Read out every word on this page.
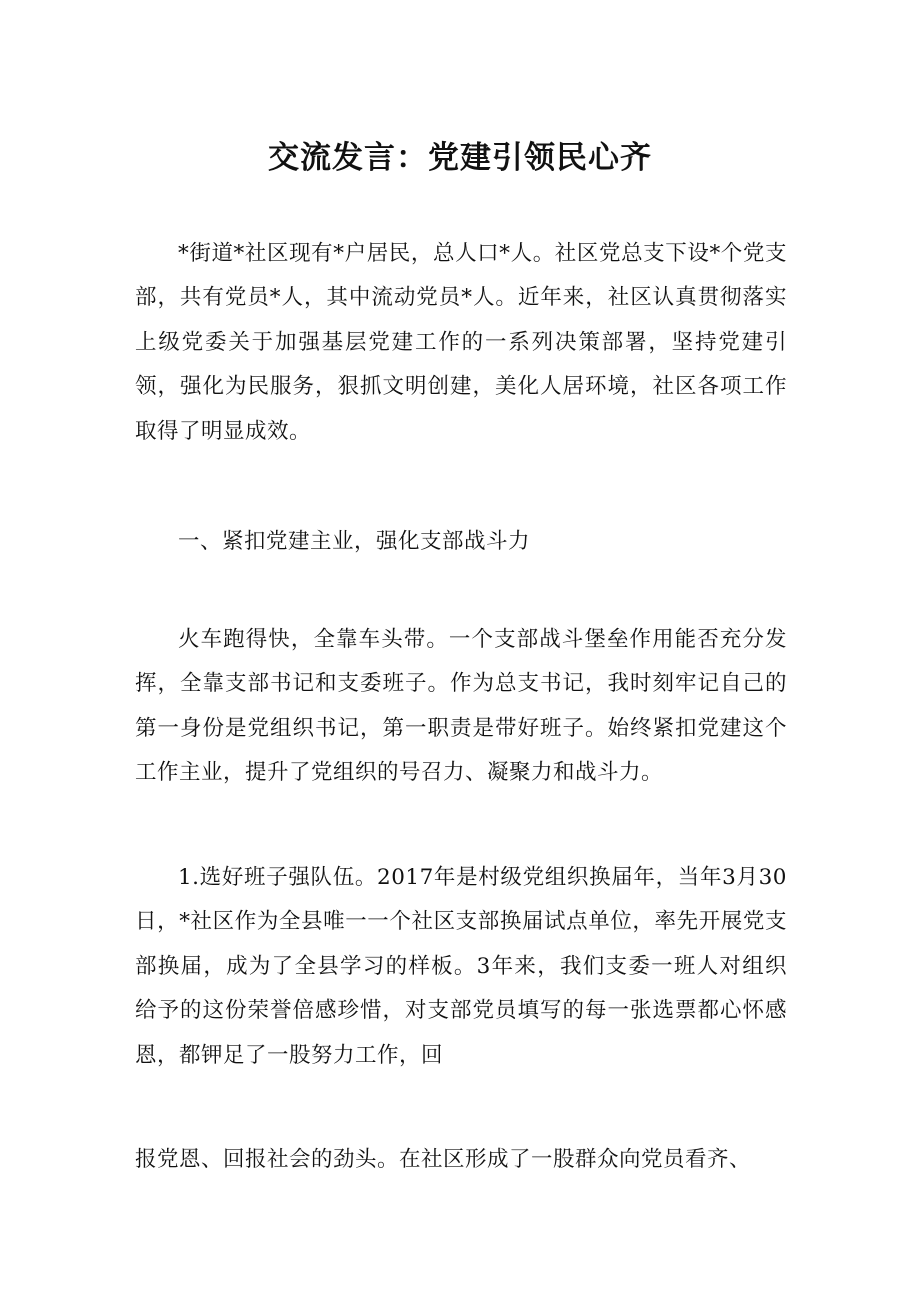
交流发言：党建引领民心齐

*街道*社区现有*户居民，总人口*人。社区党总支下设*个党支部，共有党员*人，其中流动党员*人。近年来，社区认真贯彻落实上级党委关于加强基层党建工作的一系列决策部署，坚持党建引领，强化为民服务，狠抓文明创建，美化人居环境，社区各项工作取得了明显成效。

一、紧扣党建主业，强化支部战斗力

火车跑得快，全靠车头带。一个支部战斗堡垒作用能否充分发挥，全靠支部书记和支委班子。作为总支书记，我时刻牢记自己的第一身份是党组织书记，第一职责是带好班子。始终紧扣党建这个工作主业，提升了党组织的号召力、凝聚力和战斗力。

1.选好班子强队伍。2017年是村级党组织换届年，当年3月30日，*社区作为全县唯一一个社区支部换届试点单位，率先开展党支部换届，成为了全县学习的样板。3年来，我们支委一班人对组织给予的这份荣誉倍感珍惜，对支部党员填写的每一张选票都心怀感恩，都钾足了一股努力工作，回

报党恩、回报社会的劲头。在社区形成了一股群众向党员看齐、
